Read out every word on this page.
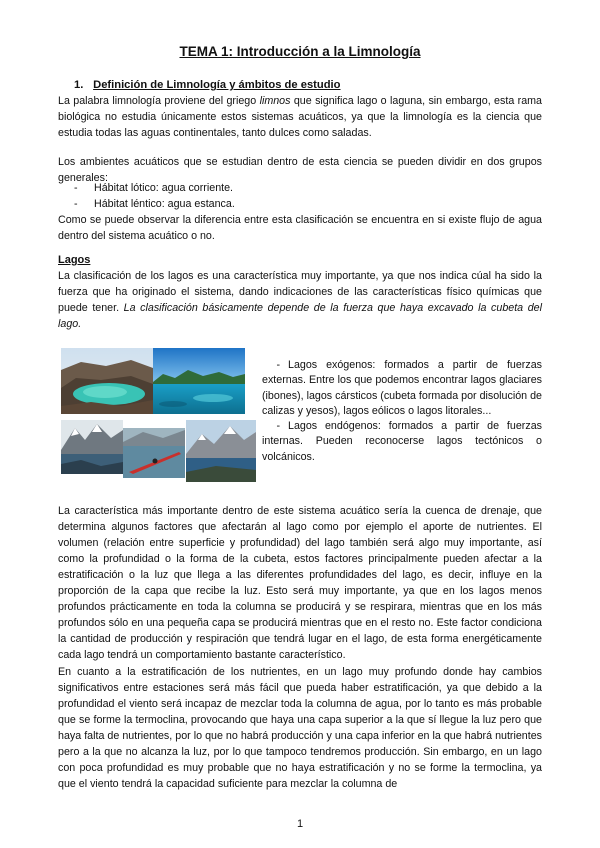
TEMA 1: Introducción a la Limnología
1. Definición de Limnología y ámbitos de estudio
La palabra limnología proviene del griego limnos que significa lago o laguna, sin embargo, esta rama biológica no estudia únicamente estos sistemas acuáticos, ya que la limnología es la ciencia que estudia todas las aguas continentales, tanto dulces como saladas.
Los ambientes acuáticos que se estudian dentro de esta ciencia se pueden dividir en dos grupos generales:
- Hábitat lótico: agua corriente.
- Hábitat léntico: agua estanca.
Como se puede observar la diferencia entre esta clasificación se encuentra en si existe flujo de agua dentro del sistema acuático o no.
Lagos
La clasificación de los lagos es una característica muy importante, ya que nos indica cúal ha sido la fuerza que ha originado el sistema, dando indicaciones de las características físico químicas que puede tener. La clasificación básicamente depende de la fuerza que haya excavado la cubeta del lago.
- Lagos exógenos: formados a partir de fuerzas externas. Entre los que podemos encontrar lagos glaciares (ibones), lagos cársticos (cubeta formada por disolución de calizas y yesos), lagos eólicos o lagos litorales...
- Lagos endógenos: formados a partir de fuerzas internas. Pueden reconocerse lagos tectónicos o volcánicos.
La característica más importante dentro de este sistema acuático sería la cuenca de drenaje, que determina algunos factores que afectarán al lago como por ejemplo el aporte de nutrientes. El volumen (relación entre superficie y profundidad) del lago también será algo muy importante, así como la profundidad o la forma de la cubeta, estos factores principalmente pueden afectar a la estratificación o la luz que llega a las diferentes profundidades del lago, es decir, influye en la proporción de la capa que recibe la luz. Esto será muy importante, ya que en los lagos menos profundos prácticamente en toda la columna se producirá y se respirara, mientras que en los más profundos sólo en una pequeña capa se producirá mientras que en el resto no. Este factor condiciona la cantidad de producción y respiración que tendrá lugar en el lago, de esta forma energéticamente cada lago tendrá un comportamiento bastante característico.
En cuanto a la estratificación de los nutrientes, en un lago muy profundo donde hay cambios significativos entre estaciones será más fácil que pueda haber estratificación, ya que debido a la profundidad el viento será incapaz de mezclar toda la columna de agua, por lo tanto es más probable que se forme la termoclina, provocando que haya una capa superior a la que sí llegue la luz pero que haya falta de nutrientes, por lo que no habrá producción y una capa inferior en la que habrá nutrientes pero a la que no alcanza la luz, por lo que tampoco tendremos producción. Sin embargo, en un lago con poca profundidad es muy probable que no haya estratificación y no se forme la termoclina, ya que el viento tendrá la capacidad suficiente para mezclar la columna de
1
